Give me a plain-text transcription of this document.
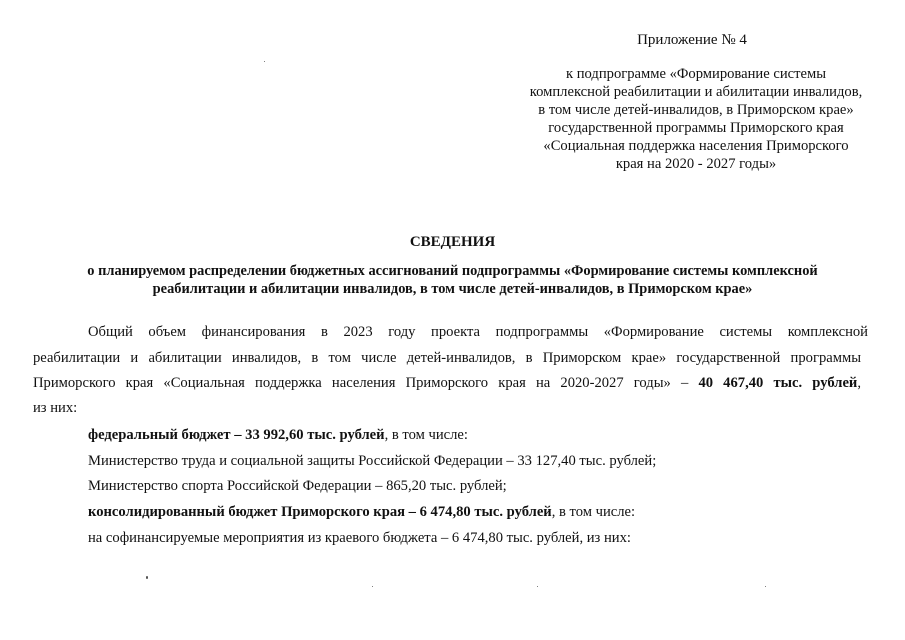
Приложение № 4
к подпрограмме «Формирование системы
комплексной реабилитации и абилитации инвалидов,
в том числе детей-инвалидов, в Приморском крае»
государственной программы Приморского края
«Социальная поддержка населения Приморского
края на 2020 - 2027 годы»
СВЕДЕНИЯ
о планируемом распределении бюджетных ассигнований подпрограммы «Формирование системы комплексной
реабилитации и абилитации инвалидов, в том числе детей-инвалидов, в Приморском крае»
Общий объем финансирования в 2023 году проекта подпрограммы «Формирование системы комплексной
реабилитации и абилитации инвалидов, в том числе детей-инвалидов, в Приморском крае» государственной программы
Приморского края «Социальная поддержка населения Приморского края на 2020-2027 годы» – 40 467,40 тыс. рублей,
из них:
федеральный бюджет – 33 992,60 тыс. рублей, в том числе:
Министерство труда и социальной защиты Российской Федерации – 33 127,40 тыс. рублей;
Министерство спорта Российской Федерации – 865,20 тыс. рублей;
консолидированный бюджет Приморского края – 6 474,80 тыс. рублей, в том числе:
на софинансируемые мероприятия из краевого бюджета – 6 474,80 тыс. рублей, из них:
